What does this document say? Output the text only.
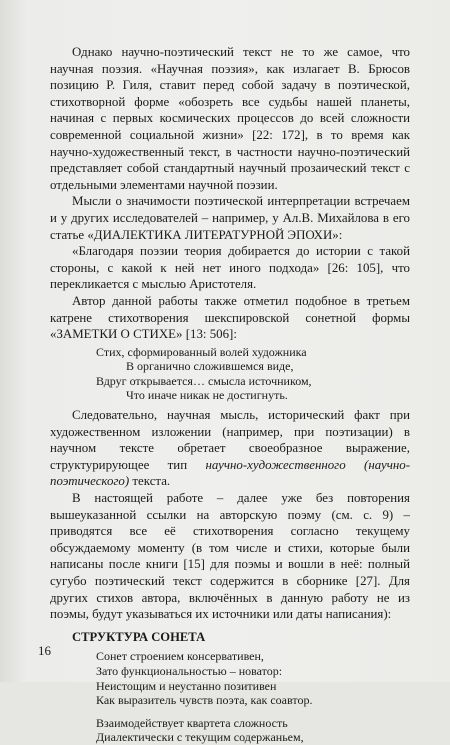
Однако научно-поэтический текст не то же самое, что научная поэзия. «Научная поэзия», как излагает В. Брюсов позицию Р. Гиля, ставит перед собой задачу в поэтической, стихотворной форме «обозреть все судьбы нашей планеты, начиная с первых космических процессов до всей сложности современной социальной жизни» [22: 172], в то время как научно-художественный текст, в частности научно-поэтический представляет собой стандартный научный прозаический текст с отдельными элементами научной поэзии.

Мысли о значимости поэтической интерпретации встречаем и у других исследователей – например, у Ал.В. Михайлова в его статье «ДИАЛЕКТИКА ЛИТЕРАТУРНОЙ ЭПОХИ»:

«Благодаря поэзии теория добирается до истории с такой стороны, с какой к ней нет иного подхода» [26: 105], что перекликается с мыслью Аристотеля.

Автор данной работы также отметил подобное в третьем катрене стихотворения шекспировской сонетной формы «ЗАМЕТКИ О СТИХЕ» [13: 506]:

Стих, сформированный волей художника
В органично сложившемся виде,
Вдруг открывается… смысла источником,
Что иначе никак не достигнуть.

Следовательно, научная мысль, исторический факт при художественном изложении (например, при поэтизации) в научном тексте обретает своеобразное выражение, структурирующее тип научно-художественного (научно-поэтического) текста.

В настоящей работе – далее уже без повторения вышеуказанной ссылки на авторскую поэму (см. с. 9) – приводятся все её стихотворения согласно текущему обсуждаемому моменту (в том числе и стихи, которые были написаны после книги [15] для поэмы и вошли в неё: полный сугубо поэтический текст содержится в сборнике [27]. Для других стихов автора, включённых в данную работу не из поэмы, будут указываться их источники или даты написания):

СТРУКТУРА СОНЕТА
Сонет строением консервативен,
Зато функциональностью – новатор:
Неистощим и неустанно позитивен
Как выразитель чувств поэта, как соавтор.
Взаимодействует квартета сложность
Диалектически с текущим содержаньем,
16
